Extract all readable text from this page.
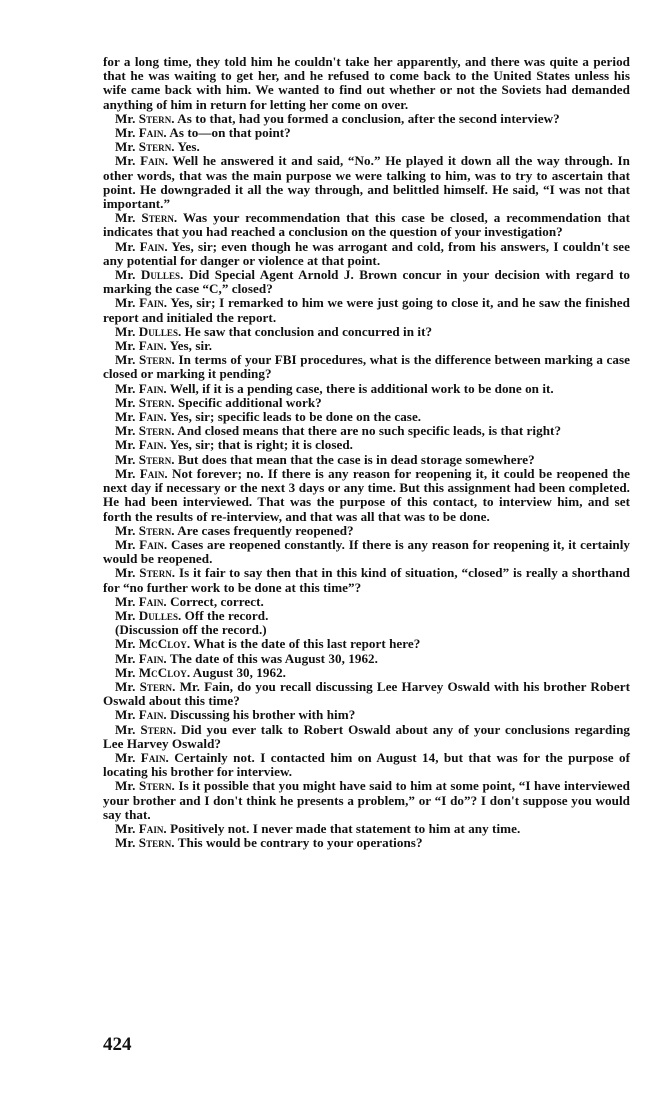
for a long time, they told him he couldn't take her apparently, and there was quite a period that he was waiting to get her, and he refused to come back to the United States unless his wife came back with him. We wanted to find out whether or not the Soviets had demanded anything of him in return for letting her come on over.

Mr. Stern. As to that, had you formed a conclusion, after the second interview?

Mr. Fain. As to—on that point?

Mr. Stern. Yes.

Mr. Fain. Well he answered it and said, “No.” He played it down all the way through. In other words, that was the main purpose we were talking to him, was to try to ascertain that point. He downgraded it all the way through, and belittled himself. He said, “I was not that important.”

Mr. Stern. Was your recommendation that this case be closed, a recommendation that indicates that you had reached a conclusion on the question of your investigation?

Mr. Fain. Yes, sir; even though he was arrogant and cold, from his answers, I couldn't see any potential for danger or violence at that point.

Mr. Dulles. Did Special Agent Arnold J. Brown concur in your decision with regard to marking the case “C,” closed?

Mr. Fain. Yes, sir; I remarked to him we were just going to close it, and he saw the finished report and initialed the report.

Mr. Dulles. He saw that conclusion and concurred in it?

Mr. Fain. Yes, sir.

Mr. Stern. In terms of your FBI procedures, what is the difference between marking a case closed or marking it pending?

Mr. Fain. Well, if it is a pending case, there is additional work to be done on it.

Mr. Stern. Specific additional work?

Mr. Fain. Yes, sir; specific leads to be done on the case.

Mr. Stern. And closed means that there are no such specific leads, is that right?

Mr. Fain. Yes, sir; that is right; it is closed.

Mr. Stern. But does that mean that the case is in dead storage somewhere?

Mr. Fain. Not forever; no. If there is any reason for reopening it, it could be reopened the next day if necessary or the next 3 days or any time. But this assignment had been completed. He had been interviewed. That was the purpose of this contact, to interview him, and set forth the results of re-interview, and that was all that was to be done.

Mr. Stern. Are cases frequently reopened?

Mr. Fain. Cases are reopened constantly. If there is any reason for reopening it, it certainly would be reopened.

Mr. Stern. Is it fair to say then that in this kind of situation, “closed” is really a shorthand for “no further work to be done at this time”?

Mr. Fain. Correct, correct.

Mr. Dulles. Off the record.

(Discussion off the record.)

Mr. McCloy. What is the date of this last report here?

Mr. Fain. The date of this was August 30, 1962.

Mr. McCloy. August 30, 1962.

Mr. Stern. Mr. Fain, do you recall discussing Lee Harvey Oswald with his brother Robert Oswald about this time?

Mr. Fain. Discussing his brother with him?

Mr. Stern. Did you ever talk to Robert Oswald about any of your conclusions regarding Lee Harvey Oswald?

Mr. Fain. Certainly not. I contacted him on August 14, but that was for the purpose of locating his brother for interview.

Mr. Stern. Is it possible that you might have said to him at some point, “I have interviewed your brother and I don't think he presents a problem,” or “I do”? I don't suppose you would say that.

Mr. Fain. Positively not. I never made that statement to him at any time.

Mr. Stern. This would be contrary to your operations?

424
